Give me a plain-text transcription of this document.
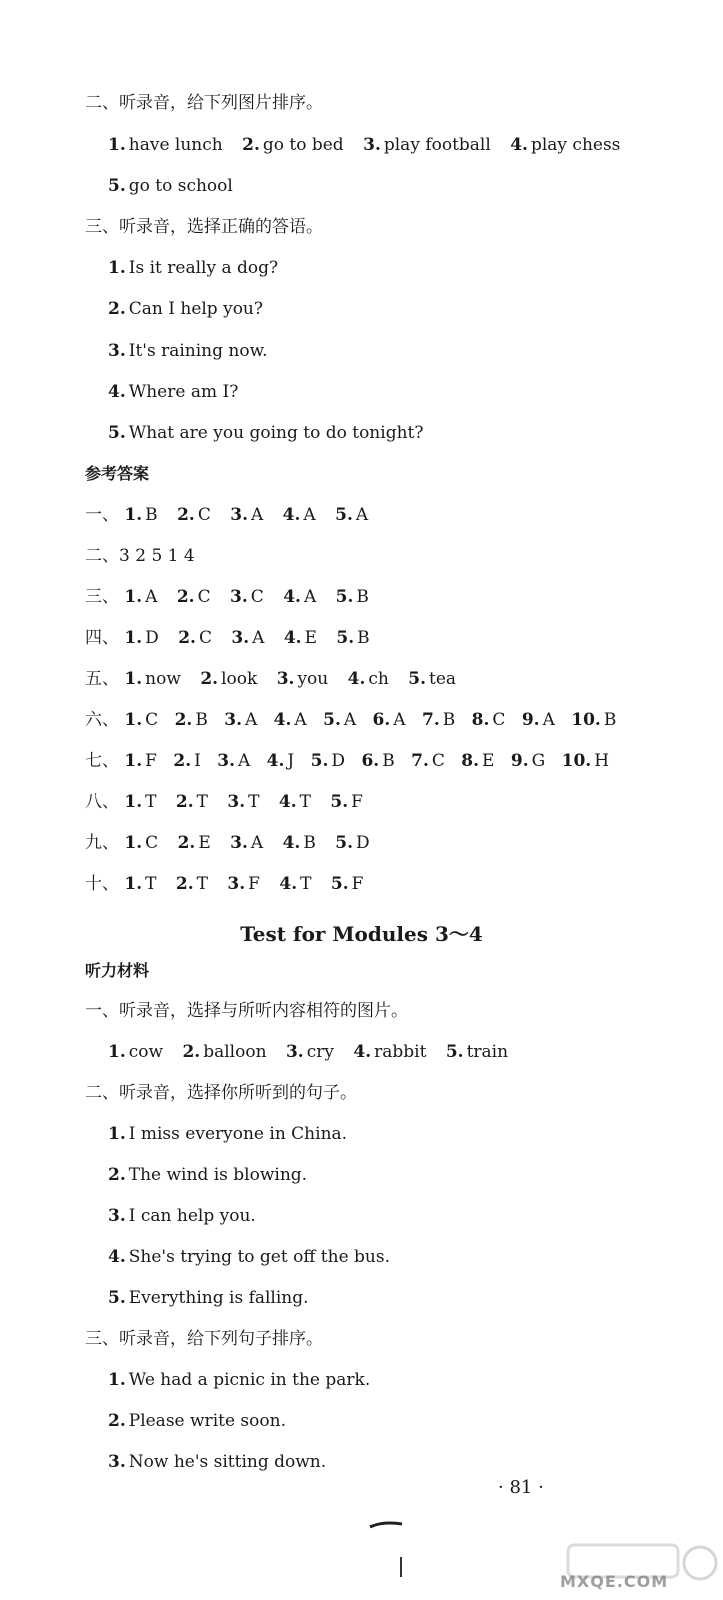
二、听录音，给下列图片排序。
1. have lunch 2. go to bed 3. play football 4. play chess
5. go to school
三、听录音，选择正确的答语。
1. Is it really a dog?
2. Can I help you?
3. It's raining now.
4. Where am I?
5. What are you going to do tonight?
参考答案
一、 1. B 2. C 3. A 4. A 5. A
二、3 2 5 1 4
三、 1. A 2. C 3. C 4. A 5. B
四、 1. D 2. C 3. A 4. E 5. B
五、 1. now 2. look 3. you 4. ch 5. tea
六、 1. C 2. B 3. A 4. A 5. A 6. A 7. B 8. C 9. A 10. B
七、 1. F 2. I 3. A 4. J 5. D 6. B 7. C 8. E 9. G 10. H
八、 1. T 2. T 3. T 4. T 5. F
九、 1. C 2. E 3. A 4. B 5. D
十、 1. T 2. T 3. F 4. T 5. F
Test for Modules 3～4
听力材料
一、听录音，选择与所听内容相符的图片。
1. cow 2. balloon 3. cry 4. rabbit 5. train
二、听录音，选择你所听到的句子。
1. I miss everyone in China.
2. The wind is blowing.
3. I can help you.
4. She's trying to get off the bus.
5. Everything is falling.
三、听录音，给下列句子排序。
1. We had a picnic in the park.
2. Please write soon.
3. Now he's sitting down.
· 81 ·
MXQE.COM
